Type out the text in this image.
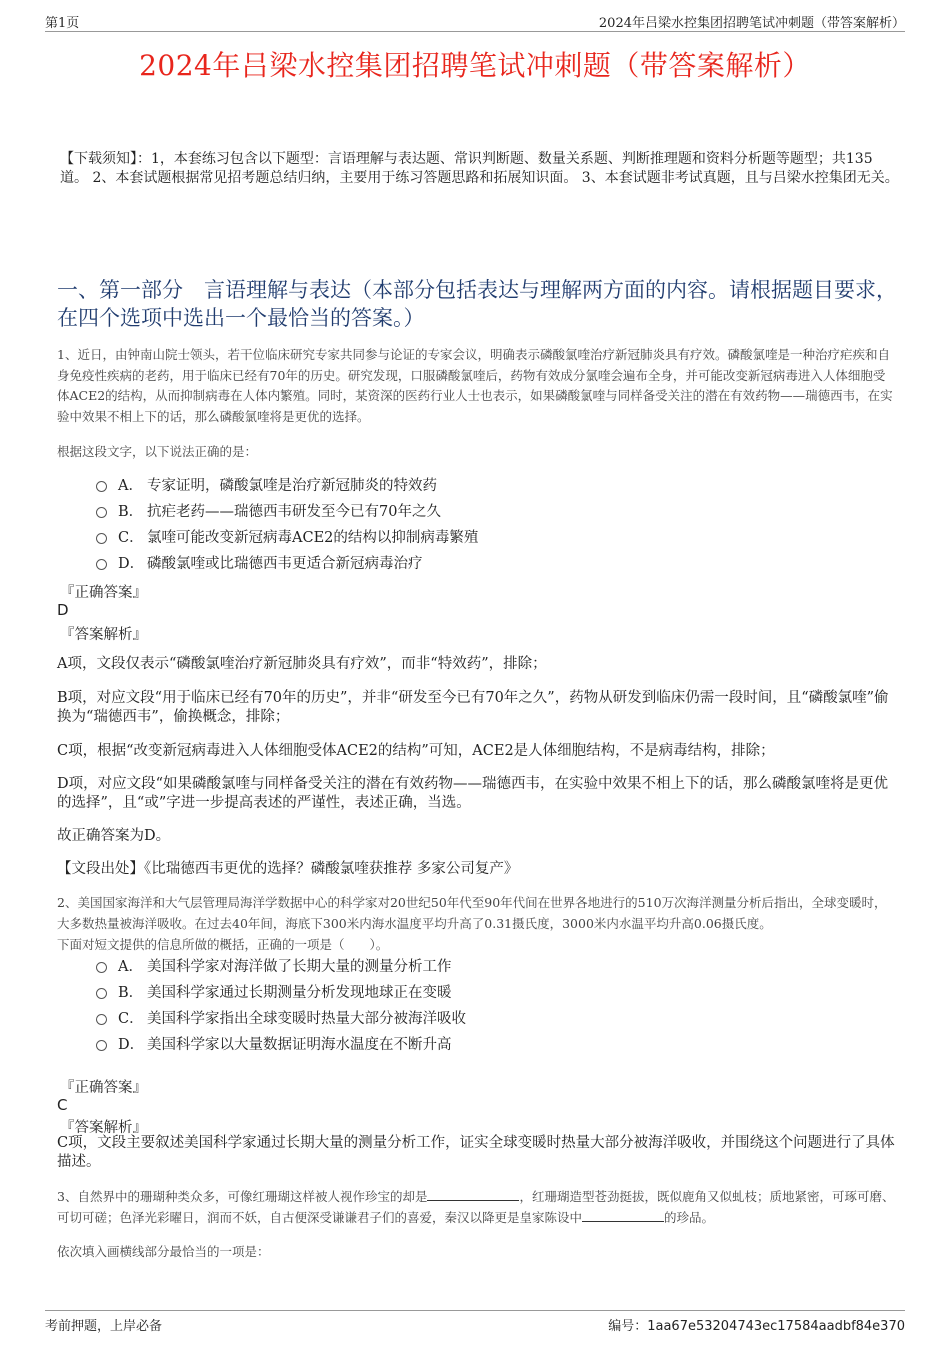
第1页	2024年吕梁水控集团招聘笔试冲刺题（带答案解析）
2024年吕梁水控集团招聘笔试冲刺题（带答案解析）
【下载须知】：1，本套练习包含以下题型：言语理解与表达题、常识判断题、数量关系题、判断推理题和资料分析题等题型；共135道。 2、本套试题根据常见招考题总结归纳，主要用于练习答题思路和拓展知识面。 3、本套试题非考试真题，且与吕梁水控集团无关。
一、第一部分　言语理解与表达（本部分包括表达与理解两方面的内容。请根据题目要求，在四个选项中选出一个最恰当的答案。）
1、近日，由钟南山院士领头，若干位临床研究专家共同参与论证的专家会议，明确表示磷酸氯喹治疗新冠肺炎具有疗效。磷酸氯喹是一种治疗疟疾和自身免疫性疾病的老药，用于临床已经有70年的历史。研究发现，口服磷酸氯喹后，药物有效成分氯喹会遍布全身，并可能改变新冠病毒进入人体细胞受体ACE2的结构，从而抑制病毒在人体内繁殖。同时，某资深的医药行业人士也表示，如果磷酸氯喹与同样备受关注的潜在有效药物——瑞德西韦，在实验中效果不相上下的话，那么磷酸氯喹将是更优的选择。
根据这段文字，以下说法正确的是：
A． 专家证明，磷酸氯喹是治疗新冠肺炎的特效药
B． 抗疟老药——瑞德西韦研发至今已有70年之久
C． 氯喹可能改变新冠病毒ACE2的结构以抑制病毒繁殖
D． 磷酸氯喹或比瑞德西韦更适合新冠病毒治疗
『正确答案』
D
『答案解析』
A项，文段仅表示“磷酸氯喹治疗新冠肺炎具有疗效”，而非“特效药”，排除；
B项，对应文段“用于临床已经有70年的历史”，并非“研发至今已有70年之久”，药物从研发到临床仍需一段时间，且“磷酸氯喹”偷换为“瑞德西韦”，偷换概念，排除；
C项，根据“改变新冠病毒进入人体细胞受体ACE2的结构”可知，ACE2是人体细胞结构，不是病毒结构，排除；
D项，对应文段“如果磷酸氯喹与同样备受关注的潜在有效药物——瑞德西韦，在实验中效果不相上下的话，那么磷酸氯喹将是更优的选择”，且“或”字进一步提高表述的严谨性，表述正确，当选。
故正确答案为D。
【文段出处】《比瑞德西韦更优的选择？磷酸氯喹获推荐 多家公司复产》
2、美国国家海洋和大气层管理局海洋学数据中心的科学家对20世纪50年代至90年代间在世界各地进行的510万次海洋测量分析后指出，全球变暖时，大多数热量被海洋吸收。在过去40年间，海底下300米内海水温度平均升高了0.31摄氏度，3000米内水温平均升高0.06摄氏度。
下面对短文提供的信息所做的概括，正确的一项是（　　）。
A． 美国科学家对海洋做了长期大量的测量分析工作
B． 美国科学家通过长期测量分析发现地球正在变暖
C． 美国科学家指出全球变暖时热量大部分被海洋吸收
D． 美国科学家以大量数据证明海水温度在不断升高
『正确答案』
C
『答案解析』
C项，文段主要叙述美国科学家通过长期大量的测量分析工作，证实全球变暖时热量大部分被海洋吸收，并围绕这个问题进行了具体描述。
3、自然界中的珊瑚种类众多，可像红珊瑚这样被人视作珍宝的却是	，红珊瑚造型苍劲挺拔，既似鹿角又似虬枝；质地紧密，可琢可磨、可切可磋；色泽光彩曜日，润而不妖，自古便深受谦谦君子们的喜爱，秦汉以降更是皇家陈设中	的珍品。
依次填入画横线部分最恰当的一项是：
考前押题，上岸必备	编号：1aa67e53204743ec17584aadbf84e370
